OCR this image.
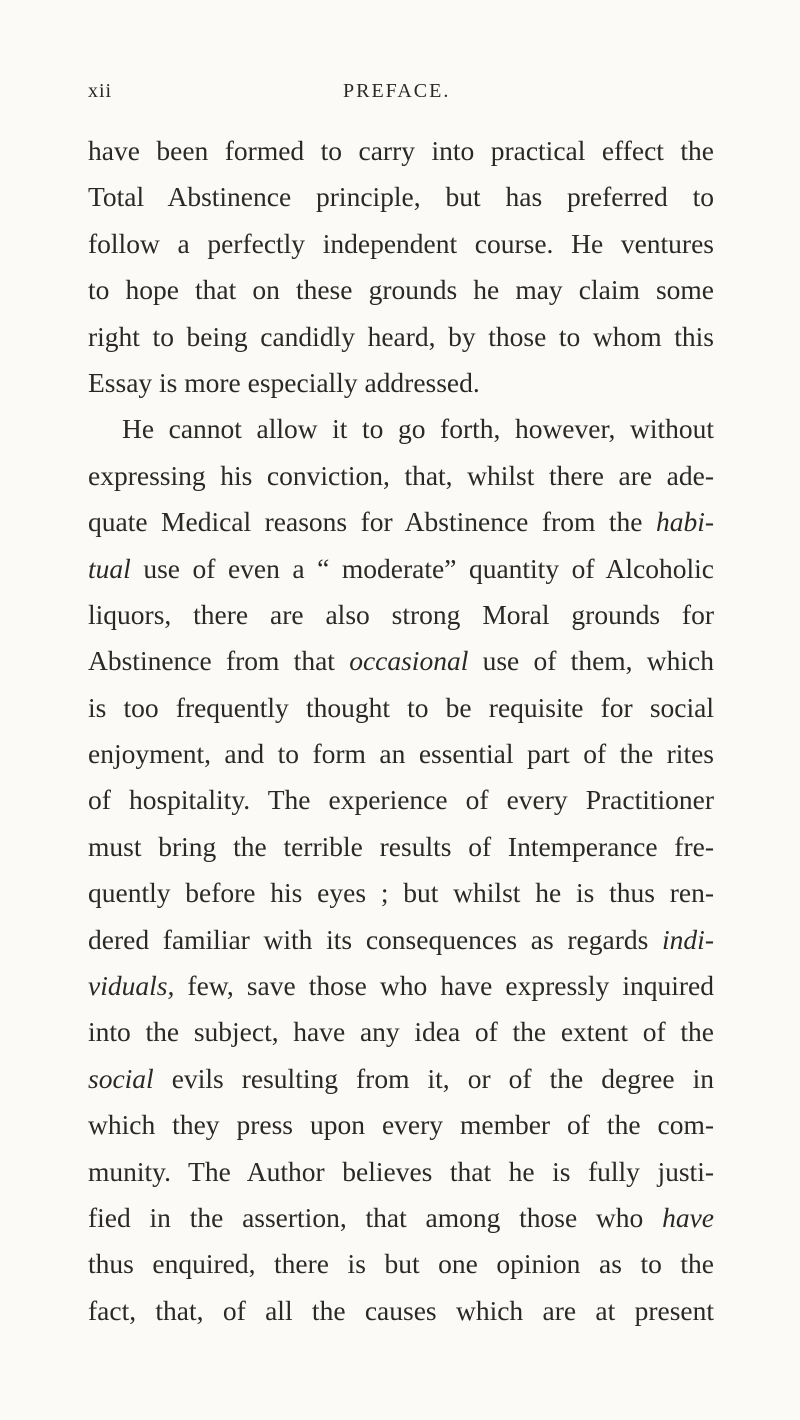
xii	PREFACE.
have been formed to carry into practical effect the
Total Abstinence principle, but has preferred to
follow a perfectly independent course. He ventures
to hope that on these grounds he may claim some
right to being candidly heard, by those to whom this
Essay is more especially addressed.
He cannot allow it to go forth, however, without
expressing his conviction, that, whilst there are ade-
quate Medical reasons for Abstinence from the habi-
tual use of even a “ moderate” quantity of Alcoholic
liquors, there are also strong Moral grounds for
Abstinence from that occasional use of them, which
is too frequently thought to be requisite for social
enjoyment, and to form an essential part of the rites
of hospitality. The experience of every Practitioner
must bring the terrible results of Intemperance fre-
quently before his eyes ; but whilst he is thus ren-
dered familiar with its consequences as regards indi-
viduals, few, save those who have expressly inquired
into the subject, have any idea of the extent of the
social evils resulting from it, or of the degree in
which they press upon every member of the com-
munity. The Author believes that he is fully justi-
fied in the assertion, that among those who have
thus enquired, there is but one opinion as to the
fact, that, of all the causes which are at present
